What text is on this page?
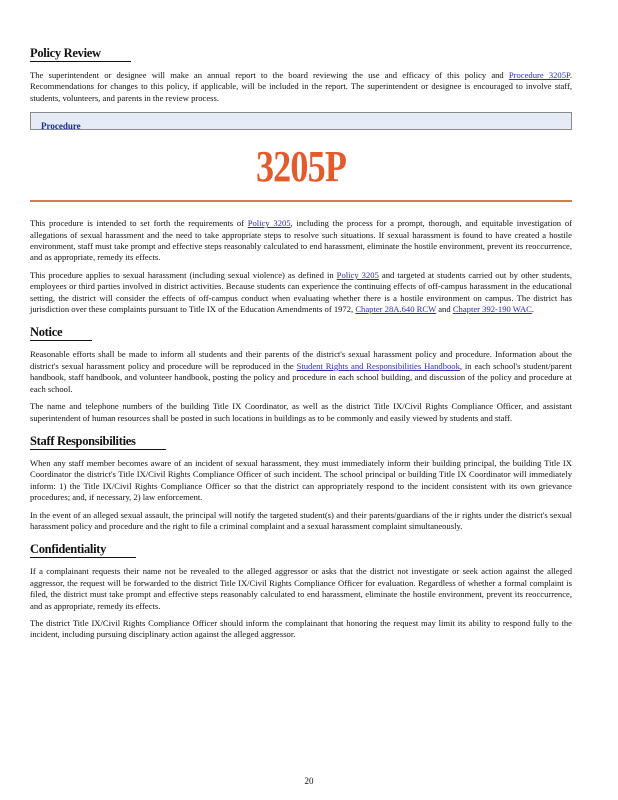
Policy Review

The superintendent or designee will make an annual report to the board reviewing the use and efficacy of this policy and Procedure 3205P. Recommendations for changes to this policy, if applicable, will be included in the report. The superintendent or designee is encouraged to involve staff, students, volunteers, and parents in the review process.

Procedure
3205P

This procedure is intended to set forth the requirements of Policy 3205, including the process for a prompt, thorough, and equitable investigation of allegations of sexual harassment and the need to take appropriate steps to resolve such situations. If sexual harassment is found to have created a hostile environment, staff must take prompt and effective steps reasonably calculated to end harassment, eliminate the hostile environment, prevent its reoccurrence, and as appropriate, remedy its effects.

This procedure applies to sexual harassment (including sexual violence) as defined in Policy 3205 and targeted at students carried out by other students, employees or third parties involved in district activities. Because students can experience the continuing effects of off-campus harassment in the educational setting, the district will consider the effects of off-campus conduct when evaluating whether there is a hostile environment on campus. The district has jurisdiction over these complaints pursuant to Title IX of the Education Amendments of 1972, Chapter 28A.640 RCW and Chapter 392-190 WAC.

Notice

Reasonable efforts shall be made to inform all students and their parents of the district's sexual harassment policy and procedure. Information about the district's sexual harassment policy and procedure will be reproduced in the Student Rights and Responsibilities Handbook, in each school's student/parent handbook, staff handbook, and volunteer handbook, posting the policy and procedure in each school building, and discussion of the policy and procedure at each school.

The name and telephone numbers of the building Title IX Coordinator, as well as the district Title IX/Civil Rights Compliance Officer, and assistant superintendent of human resources shall be posted in such locations in buildings as to be commonly and easily viewed by students and staff.

Staff Responsibilities

When any staff member becomes aware of an incident of sexual harassment, they must immediately inform their building principal, the building Title IX Coordinator the district's Title IX/Civil Rights Compliance Officer of such incident. The school principal or building Title IX Coordinator will immediately inform: 1) the Title IX/Civil Rights Compliance Officer so that the district can appropriately respond to the incident consistent with its own grievance procedures; and, if necessary, 2) law enforcement.

In the event of an alleged sexual assault, the principal will notify the targeted student(s) and their parents/guardians of the ir rights under the district's sexual harassment policy and procedure and the right to file a criminal complaint and a sexual harassment complaint simultaneously.

Confidentiality

If a complainant requests their name not be revealed to the alleged aggressor or asks that the district not investigate or seek action against the alleged aggressor, the request will be forwarded to the district Title IX/Civil Rights Compliance Officer for evaluation. Regardless of whether a formal complaint is filed, the district must take prompt and effective steps reasonably calculated to end harassment, eliminate the hostile environment, prevent its reoccurrence, and as appropriate, remedy its effects.

The district Title IX/Civil Rights Compliance Officer should inform the complainant that honoring the request may limit its ability to respond fully to the incident, including pursuing disciplinary action against the alleged aggressor.

20
